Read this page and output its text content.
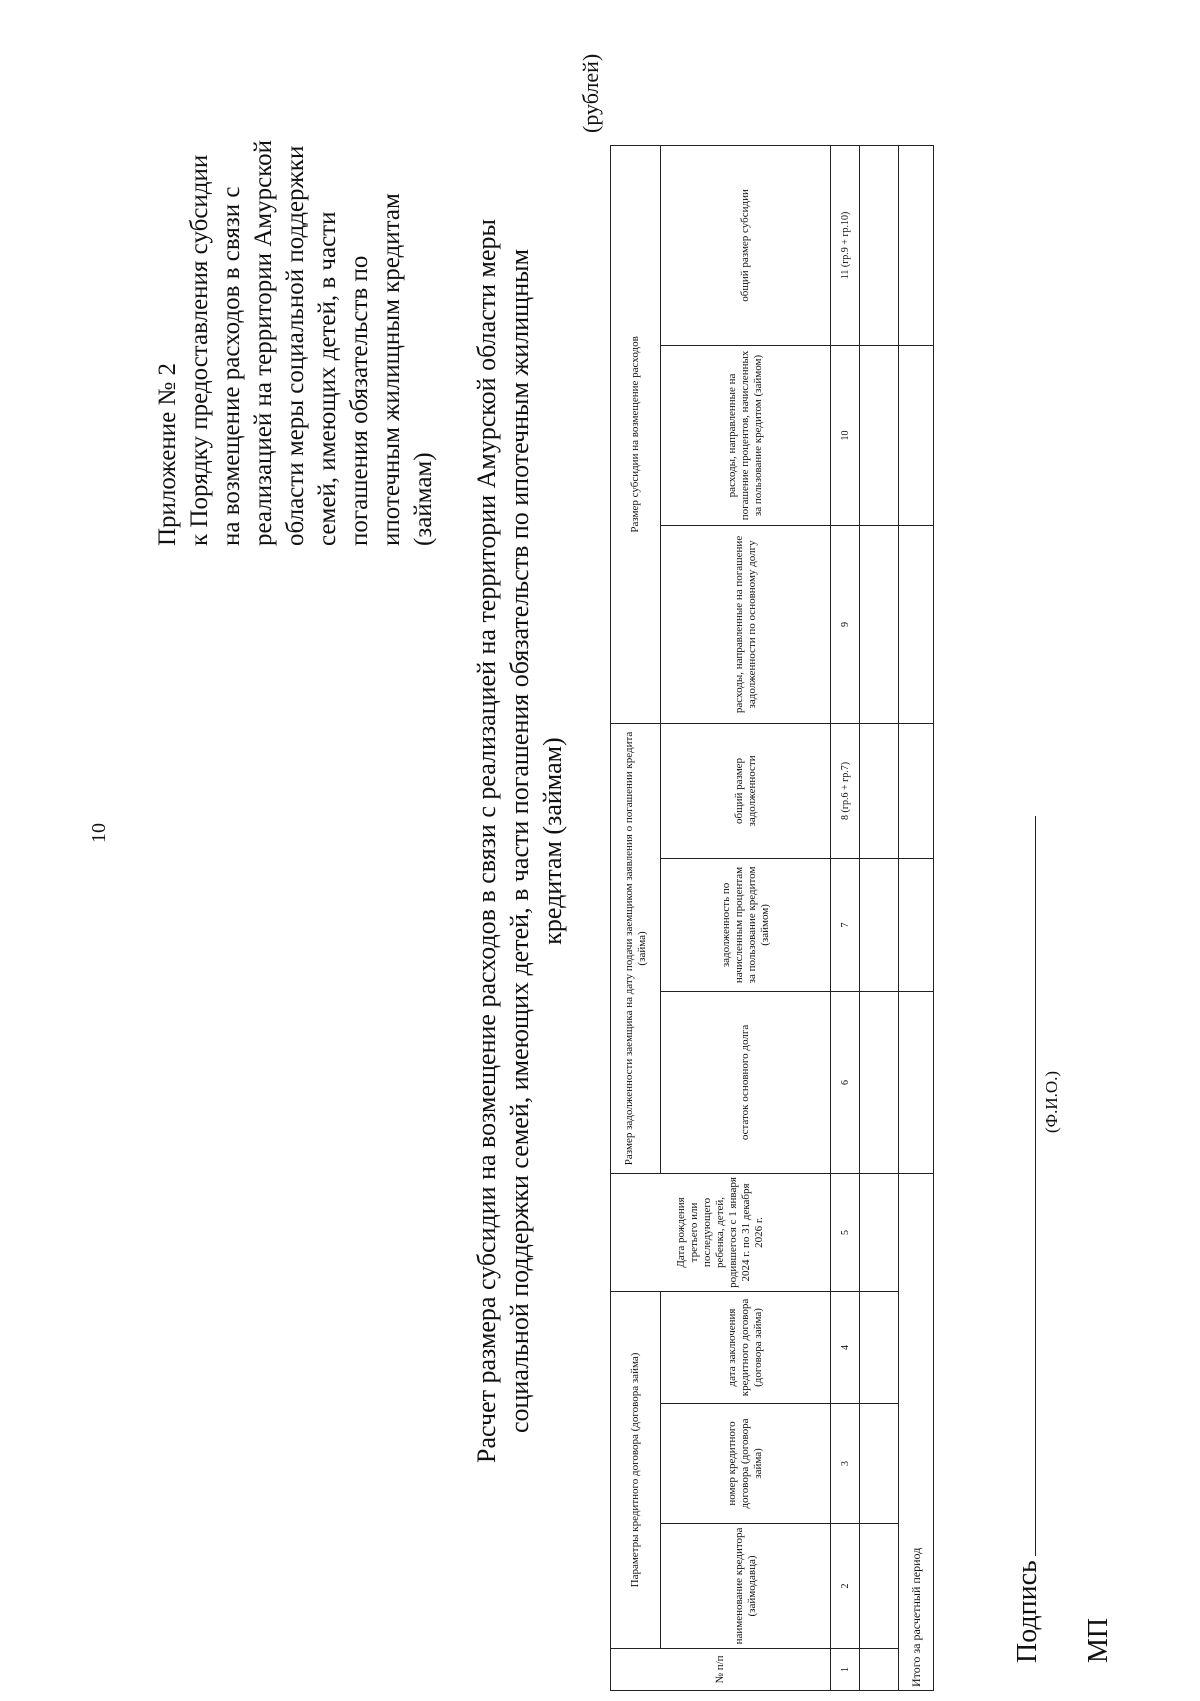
10
Приложение № 2 к Порядку предоставления субсидии на возмещение расходов в связи с реализацией на территории Амурской области меры социальной поддержки семей, имеющих детей, в части погашения обязательств по ипотечным жилищным кредитам (займам) Расчет размера субсидии на возмещение расходов в связи с реализацией на территории Амурской области меры социальной поддержки семей, имеющих детей, в части погашения обязательств по ипотечным жилищным кредитам (займам)
(рублей)
№ п/п	Параметры кредитного договора (договора займа)			Дата рождения третьего или последующего ребенка, детей, родившегося с 1 января 2024 г. по 31 декабря 2026 г.	Размер задолженности заемщика на дату подачи заемщиком заявления о погашении кредита (займа)			Размер субсидии на возмещение расходов		
	наименование кредитора (займодавца)	номер кредитного договора (договора займа)	дата заключения кредитного договора (договора займа)		остаток основного долга	задолженность по начисленным процентам за пользование кредитом (займом)	общий размер задолженности	расходы, направленные на погашение задолженности по основному долгу	расходы, направленные на погашение процентов, начисленных за пользование кредитом (займом)	общий размер субсидии
1	2	3	4	5	6	7	8 (гр.6 + гр.7)	9	10	11 (гр.9 + гр.10)

Итого за расчетный период											Подпись
(Ф.И.О.)
МП
